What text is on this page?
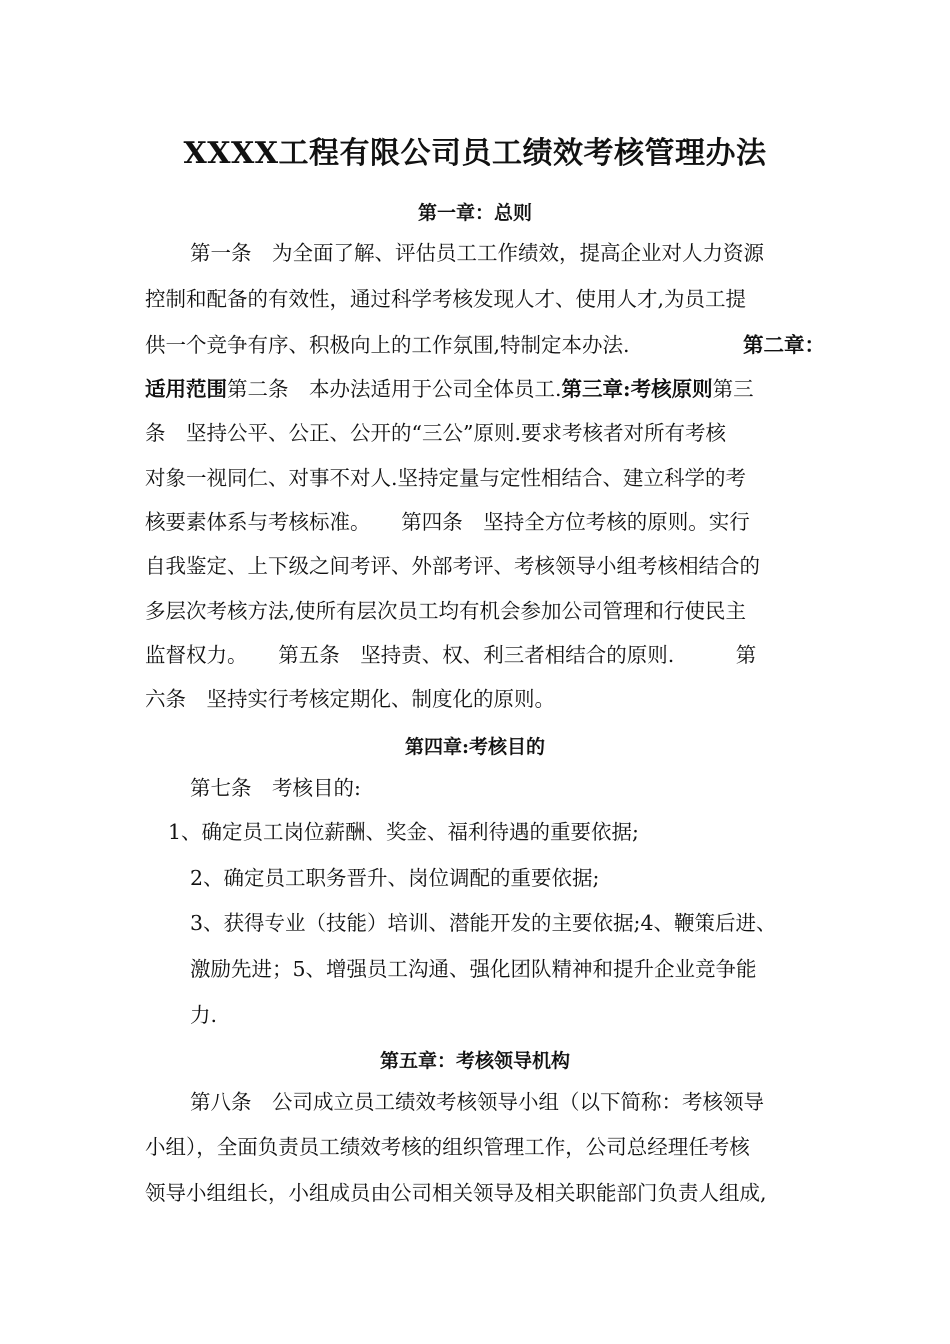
XXXX工程有限公司员工绩效考核管理办法
第一章：总则
第一条　为全面了解、评估员工工作绩效，提高企业对人力资源
控制和配备的有效性，通过科学考核发现人才、使用人才,为员工提
供一个竞争有序、积极向上的工作氛围,特制定本办法.	第二章：
适用范围第二条　本办法适用于公司全体员工.第三章:考核原则第三
条　坚持公平、公正、公开的“三公”原则.要求考核者对所有考核
对象一视同仁、对事不对人.坚持定量与定性相结合、建立科学的考
核要素体系与考核标准。　　第四条　坚持全方位考核的原则。实行
自我鉴定、上下级之间考评、外部考评、考核领导小组考核相结合的
多层次考核方法,使所有层次员工均有机会参加公司管理和行使民主
监督权力。　　第五条　坚持责、权、利三者相结合的原则.　　　第
六条　坚持实行考核定期化、制度化的原则。
第四章:考核目的
第七条　考核目的:
1、确定员工岗位薪酬、奖金、福利待遇的重要依据;
2、确定员工职务晋升、岗位调配的重要依据;
3、获得专业（技能）培训、潜能开发的主要依据;4、鞭策后进、
激励先进；5、增强员工沟通、强化团队精神和提升企业竞争能
力.
第五章：考核领导机构
第八条　公司成立员工绩效考核领导小组（以下简称：考核领导
小组），全面负责员工绩效考核的组织管理工作，公司总经理任考核
领导小组组长，小组成员由公司相关领导及相关职能部门负责人组成,
